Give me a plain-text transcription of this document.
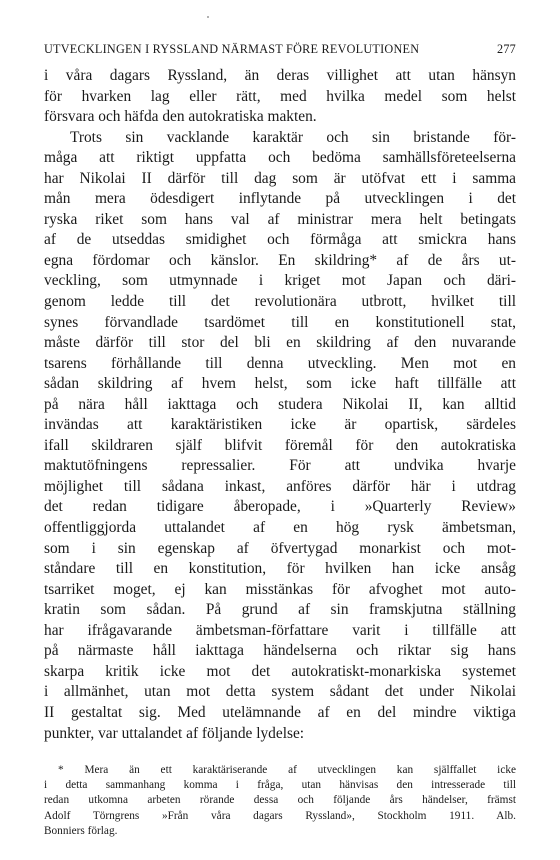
UTVECKLINGEN I RYSSLAND NÄRMAST FÖRE REVOLUTIONEN	277
i våra dagars Ryssland, än deras villighet att utan hänsyn
för hvarken lag eller rätt, med hvilka medel som helst
försvara och häfda den autokratiska makten.
Trots sin vacklande karaktär och sin bristande för-
måga att riktigt uppfatta och bedöma samhällsföreteelserna
har Nikolai II därför till dag som är utöfvat ett i samma
mån mera ödesdigert inflytande på utvecklingen i det
ryska riket som hans val af ministrar mera helt betingats
af de utseddas smidighet och förmåga att smickra hans
egna fördomar och känslor. En skildring* af de års ut-
veckling, som utmynnade i kriget mot Japan och däri-
genom ledde till det revolutionära utbrott, hvilket till
synes förvandlade tsardömet till en konstitutionell stat,
måste därför till stor del bli en skildring af den nuvarande
tsarens förhållande till denna utveckling. Men mot en
sådan skildring af hvem helst, som icke haft tillfälle att
på nära håll iakttaga och studera Nikolai II, kan alltid
invändas att karaktäristiken icke är opartisk, särdeles
ifall skildraren själf blifvit föremål för den autokratiska
maktutöfningens repressalier. För att undvika hvarje
möjlighet till sådana inkast, anföres därför här i utdrag
det redan tidigare åberopade, i »Quarterly Review»
offentliggjorda uttalandet af en hög rysk ämbetsman,
som i sin egenskap af öfvertygad monarkist och mot-
ståndare till en konstitution, för hvilken han icke ansåg
tsarriket moget, ej kan misstänkas för afvoghet mot auto-
kratin som sådan. På grund af sin framskjutna ställning
har ifrågavarande ämbetsman-författare varit i tillfälle att
på närmaste håll iakttaga händelserna och riktar sig hans
skarpa kritik icke mot det autokratiskt-monarkiska systemet
i allmänhet, utan mot detta system sådant det under Nikolai
II gestaltat sig. Med utelämnande af en del mindre viktiga
punkter, var uttalandet af följande lydelse:
* Mera än ett karaktäriserande af utvecklingen kan själffallet icke
i detta sammanhang komma i fråga, utan hänvisas den intresserade till
redan utkomna arbeten rörande dessa och följande års händelser, främst
Adolf Törngrens »Från våra dagars Ryssland», Stockholm 1911. Alb.
Bonniers förlag.
